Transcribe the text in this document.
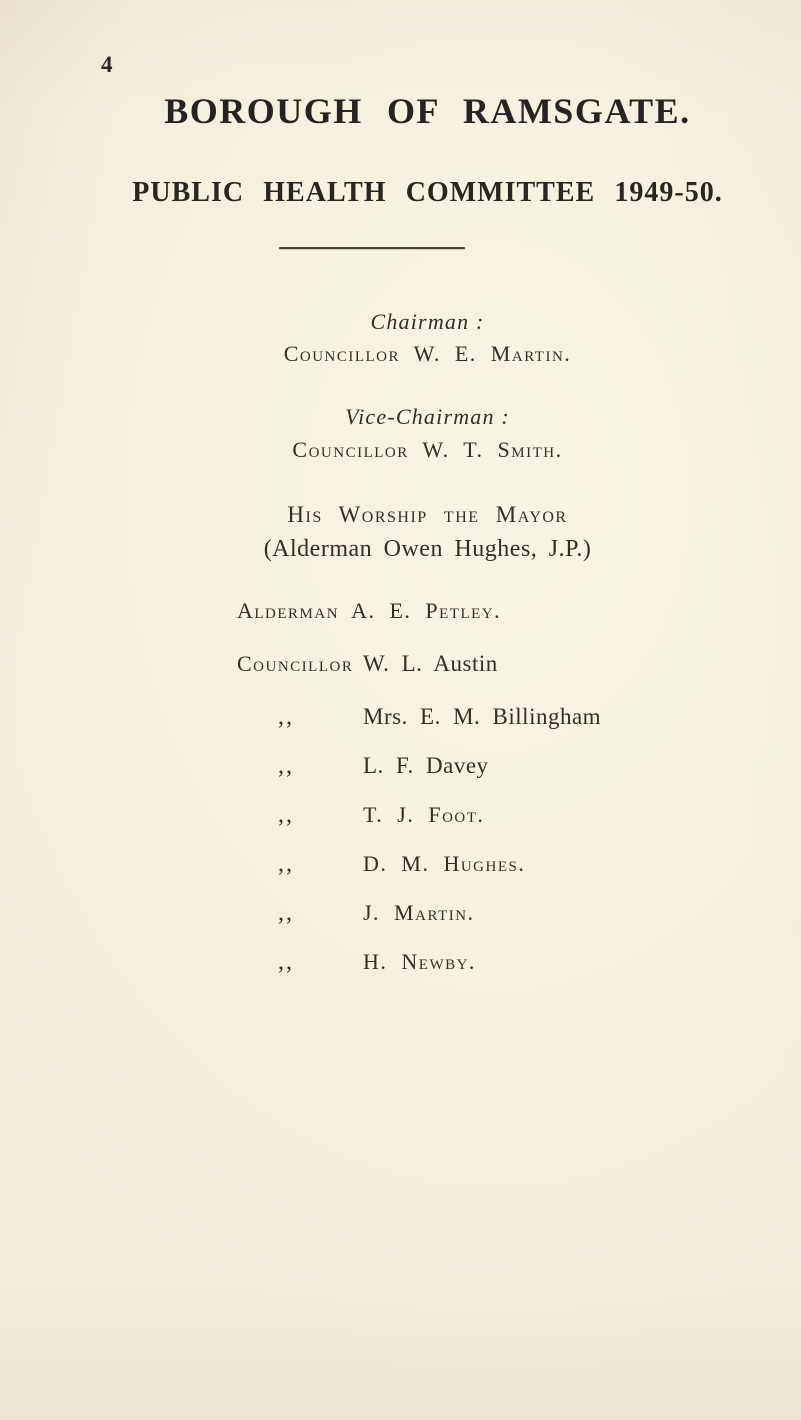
4
BOROUGH OF RAMSGATE.
PUBLIC HEALTH COMMITTEE 1949-50.
Chairman :
Councillor W. E. Martin.
Vice-Chairman :
Councillor W. T. Smith.
His Worship the Mayor
(Alderman Owen Hughes, J.P.)
Alderman A. E. Petley.
Councillor W. L. Austin
,,	Mrs. E. M. Billingham
,,	L. F. Davey
,,	T. J. Foot.
,,	D. M. Hughes.
,,	J. Martin.
,,	H. Newby.
